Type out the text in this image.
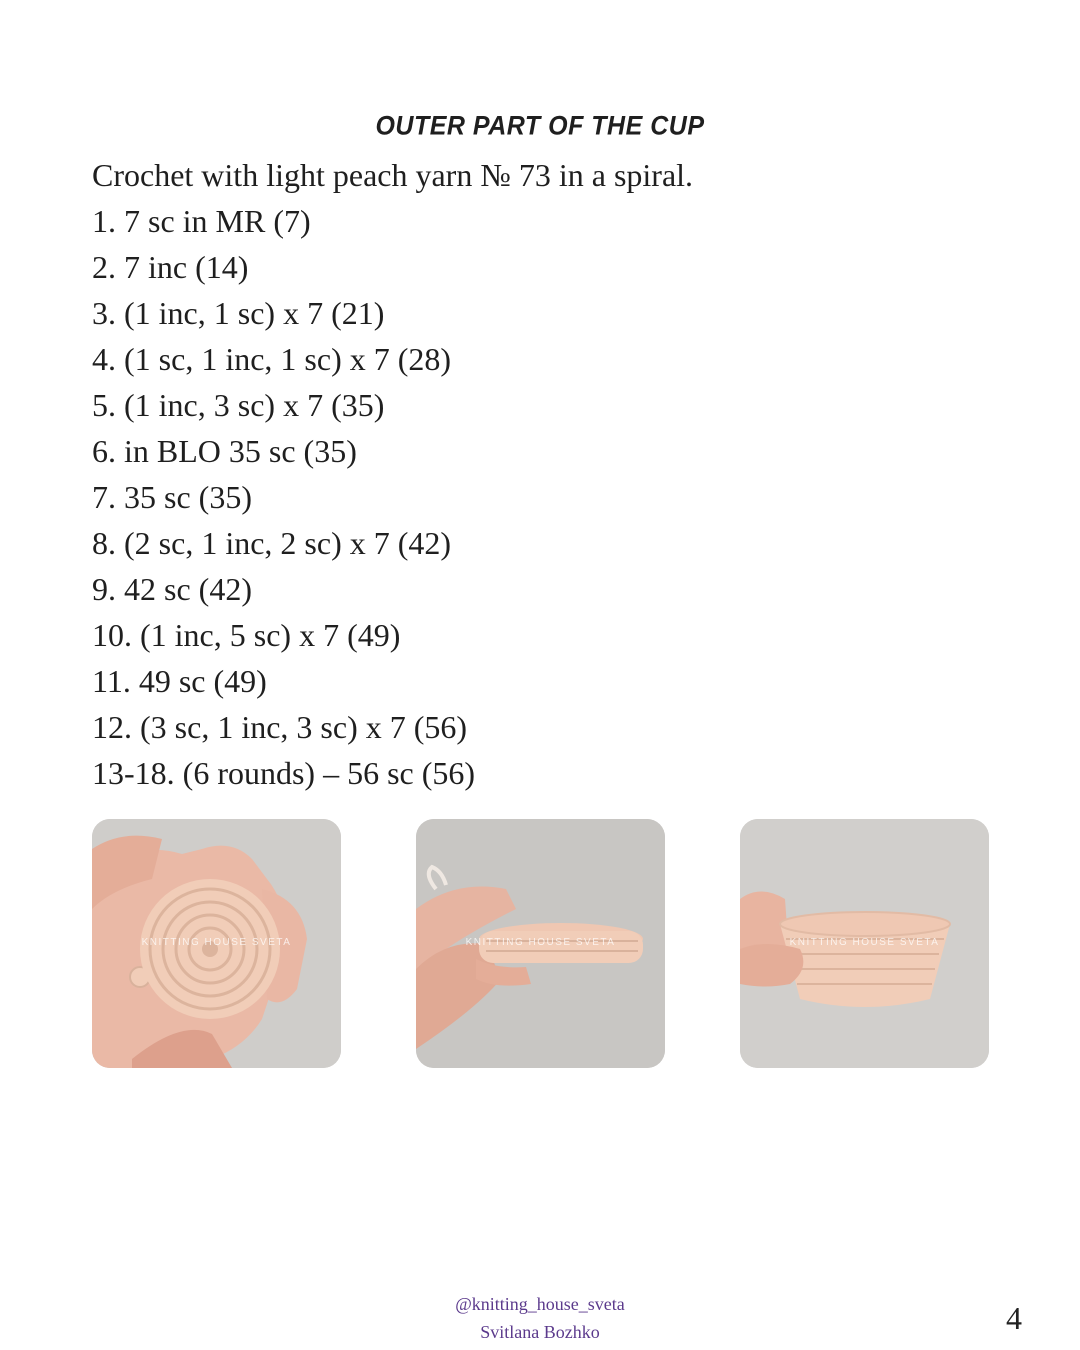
OUTER PART OF THE CUP
Crochet with light peach yarn № 73 in a spiral.
1. 7 sc in MR (7)
2. 7 inc (14)
3. (1 inc, 1 sc) x 7 (21)
4. (1 sc, 1 inc, 1 sc) x 7 (28)
5. (1 inc, 3 sc) x 7 (35)
6. in BLO 35 sc (35)
7. 35 sc (35)
8. (2 sc, 1 inc, 2 sc) x 7 (42)
9. 42 sc (42)
10. (1 inc, 5 sc) x 7 (49)
11. 49 sc (49)
12. (3 sc, 1 inc, 3 sc) x 7 (56)
13-18. (6 rounds) – 56 sc (56)
KNITTING HOUSE SVETA	KNITTING HOUSE SVETA	KNITTING HOUSE SVETA
@knitting_house_sveta
Svitlana Bozhko	4
